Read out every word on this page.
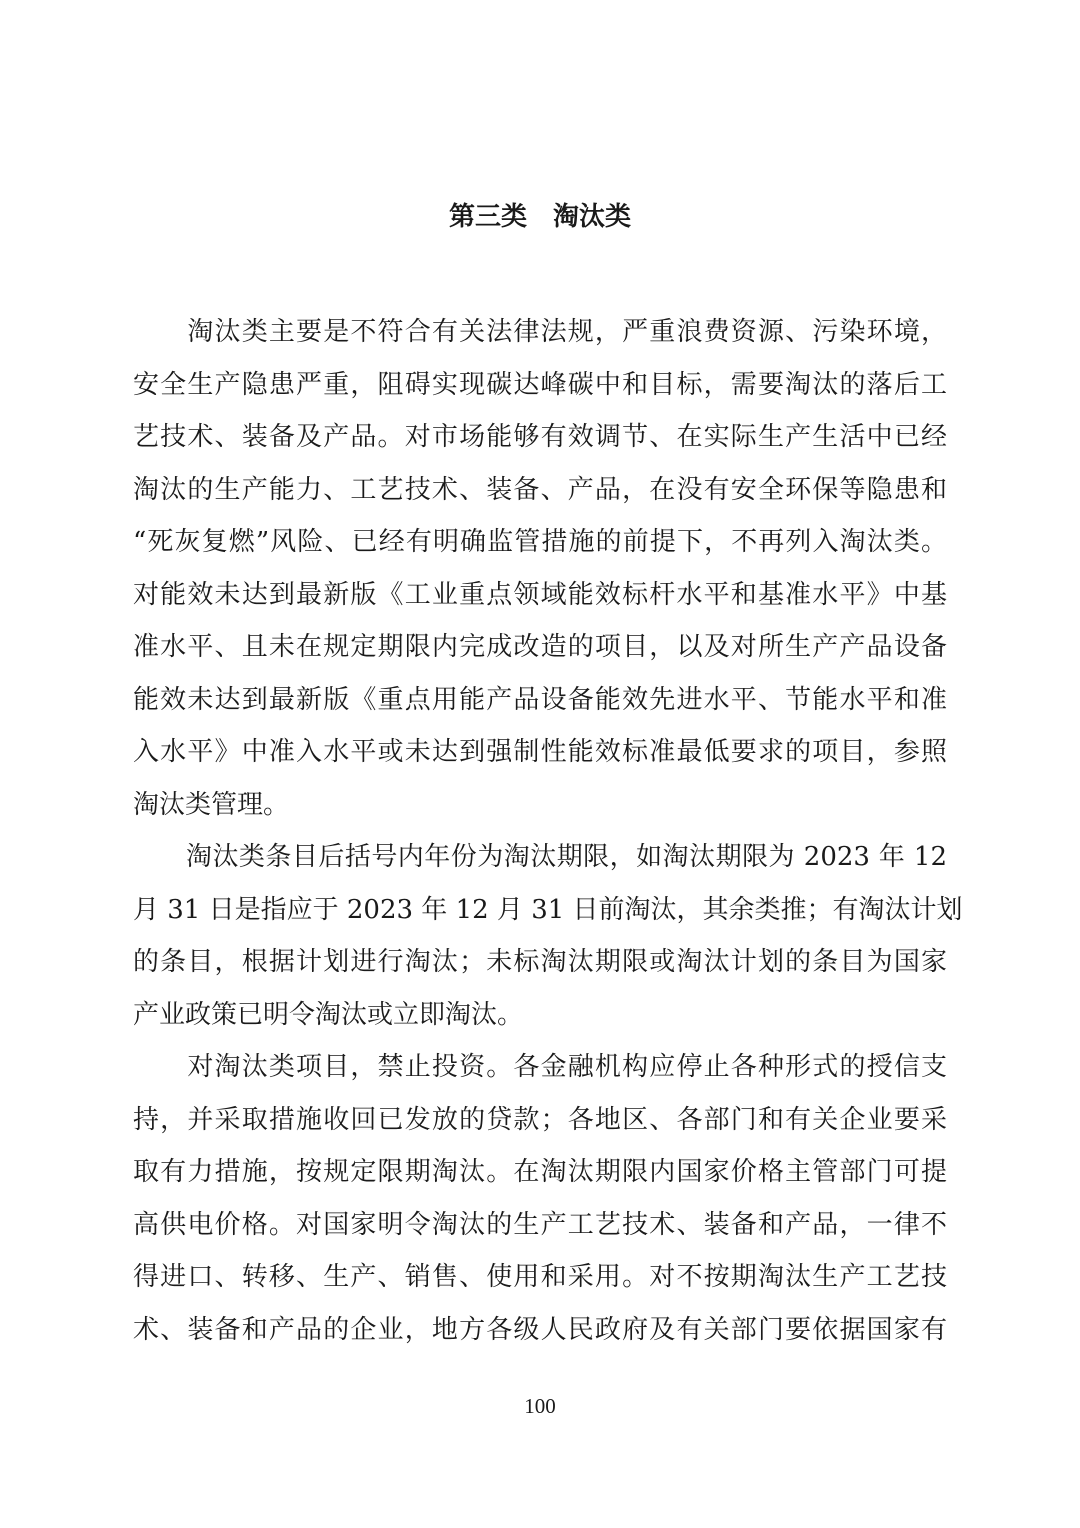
第三类　淘汰类

　　淘汰类主要是不符合有关法律法规，严重浪费资源、污染环境，
安全生产隐患严重，阻碍实现碳达峰碳中和目标，需要淘汰的落后工
艺技术、装备及产品。对市场能够有效调节、在实际生产生活中已经
淘汰的生产能力、工艺技术、装备、产品，在没有安全环保等隐患和
“死灰复燃”风险、已经有明确监管措施的前提下，不再列入淘汰类。
对能效未达到最新版《工业重点领域能效标杆水平和基准水平》中基
准水平、且未在规定期限内完成改造的项目，以及对所生产产品设备
能效未达到最新版《重点用能产品设备能效先进水平、节能水平和准
入水平》中准入水平或未达到强制性能效标准最低要求的项目，参照
淘汰类管理。

　　淘汰类条目后括号内年份为淘汰期限，如淘汰期限为 2023 年 12
月 31 日是指应于 2023 年 12 月 31 日前淘汰，其余类推；有淘汰计划
的条目，根据计划进行淘汰；未标淘汰期限或淘汰计划的条目为国家
产业政策已明令淘汰或立即淘汰。

　　对淘汰类项目，禁止投资。各金融机构应停止各种形式的授信支
持，并采取措施收回已发放的贷款；各地区、各部门和有关企业要采
取有力措施，按规定限期淘汰。在淘汰期限内国家价格主管部门可提
高供电价格。对国家明令淘汰的生产工艺技术、装备和产品，一律不
得进口、转移、生产、销售、使用和采用。对不按期淘汰生产工艺技
术、装备和产品的企业，地方各级人民政府及有关部门要依据国家有

100
